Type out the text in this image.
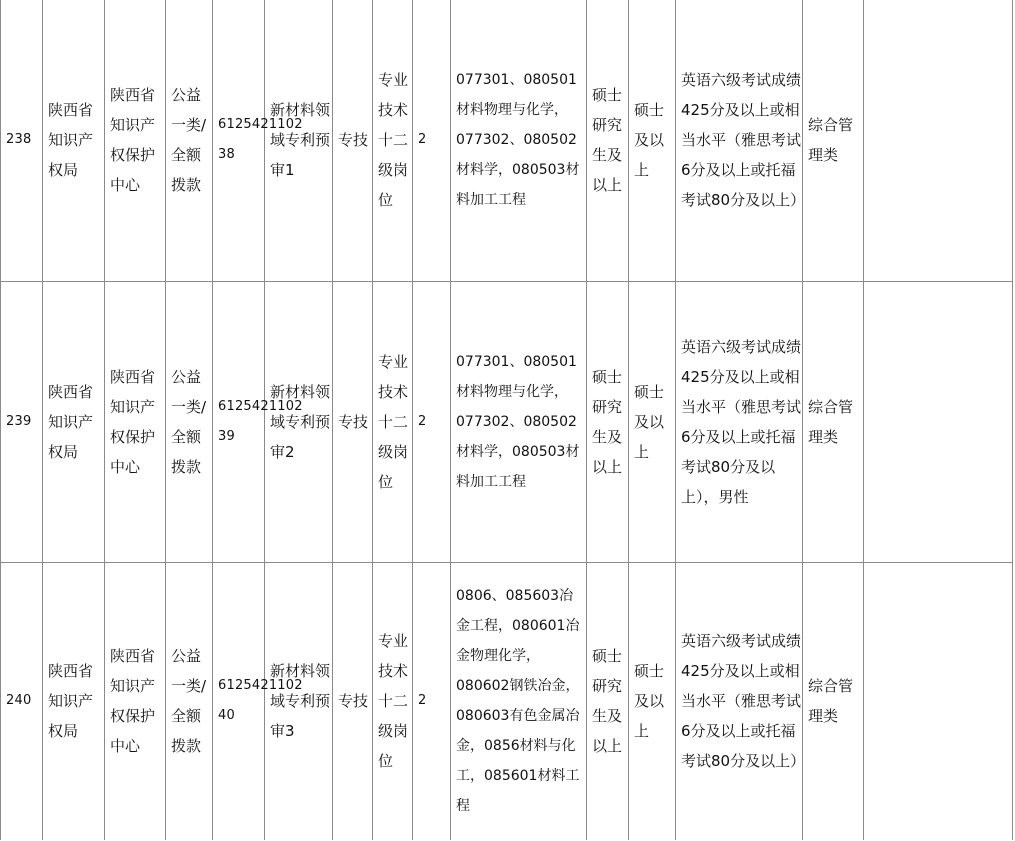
238	陕西省知识产权局	陕西省知识产权保护中心	公益一类/全额拨款	6125421102 38	新材料领域专利预审1	专技	专业技术十二级岗位	2	077301、080501材料物理与化学，077302、080502材料学，080503材料加工工程	硕士研究生及以上	硕士及以上	英语六级考试成绩425分及以上或相当水平（雅思考试6分及以上或托福考试80分及以上）	综合管理类	
239	陕西省知识产权局	陕西省知识产权保护中心	公益一类/全额拨款	6125421102 39	新材料领域专利预审2	专技	专业技术十二级岗位	2	077301、080501材料物理与化学，077302、080502材料学，080503材料加工工程	硕士研究生及以上	硕士及以上	英语六级考试成绩425分及以上或相当水平（雅思考试6分及以上或托福考试80分及以上），男性	综合管理类	
240	陕西省知识产权局	陕西省知识产权保护中心	公益一类/全额拨款	6125421102 40	新材料领域专利预审3	专技	专业技术十二级岗位	2	0806、085603冶金工程，080601冶金物理化学，080602钢铁冶金，080603有色金属冶金，0856材料与化工，085601材料工程	硕士研究生及以上	硕士及以上	英语六级考试成绩425分及以上或相当水平（雅思考试6分及以上或托福考试80分及以上）	综合管理类	
